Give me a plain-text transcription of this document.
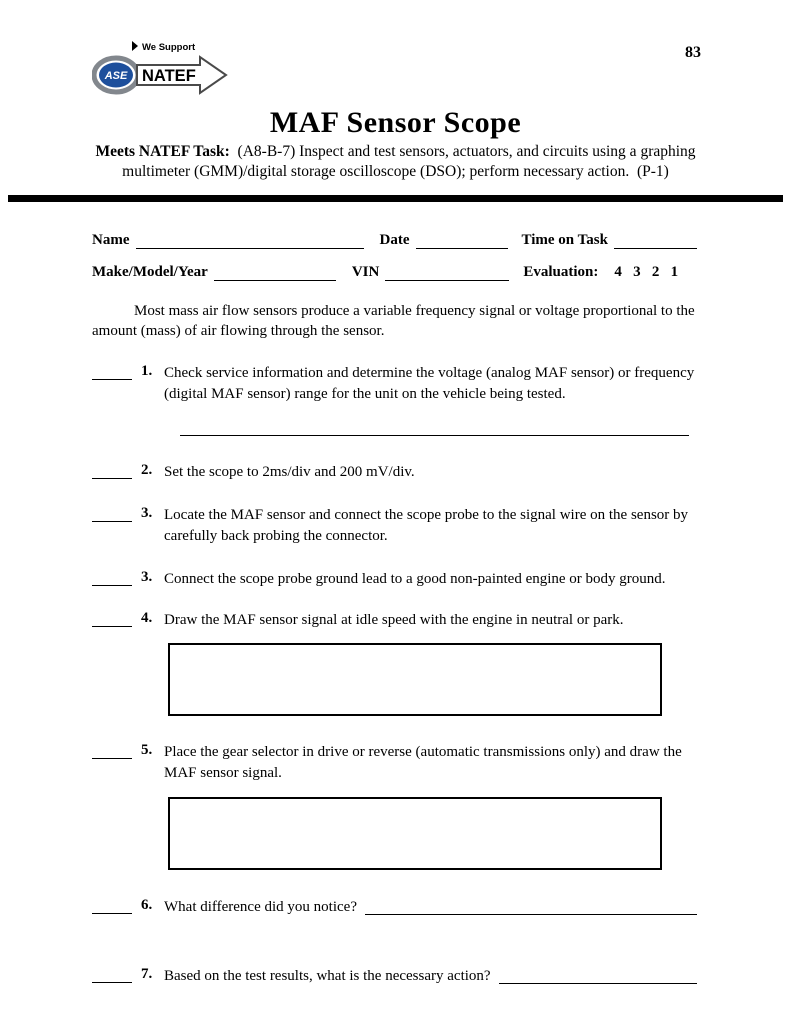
We Support
ASE NATEF
83
MAF Sensor Scope

Meets NATEF Task:  (A8-B-7) Inspect and test sensors, actuators, and circuits using a graphing multimeter (GMM)/digital storage oscilloscope (DSO); perform necessary action.  (P-1)

Name	Date	Time on Task
Make/Model/Year	VIN	Evaluation: 4   3   2   1

Most mass air flow sensors produce a variable frequency signal or voltage proportional to the amount (mass) of air flowing through the sensor.

1. Check service information and determine the voltage (analog MAF sensor) or frequency (digital MAF sensor) range for the unit on the vehicle being tested.
2. Set the scope to 2ms/div and 200 mV/div.
3. Locate the MAF sensor and connect the scope probe to the signal wire on the sensor by carefully back probing the connector.
3. Connect the scope probe ground lead to a good non-painted engine or body ground.
4. Draw the MAF sensor signal at idle speed with the engine in neutral or park.
5. Place the gear selector in drive or reverse (automatic transmissions only) and draw the MAF sensor signal.
6. What difference did you notice?
7. Based on the test results, what is the necessary action?
